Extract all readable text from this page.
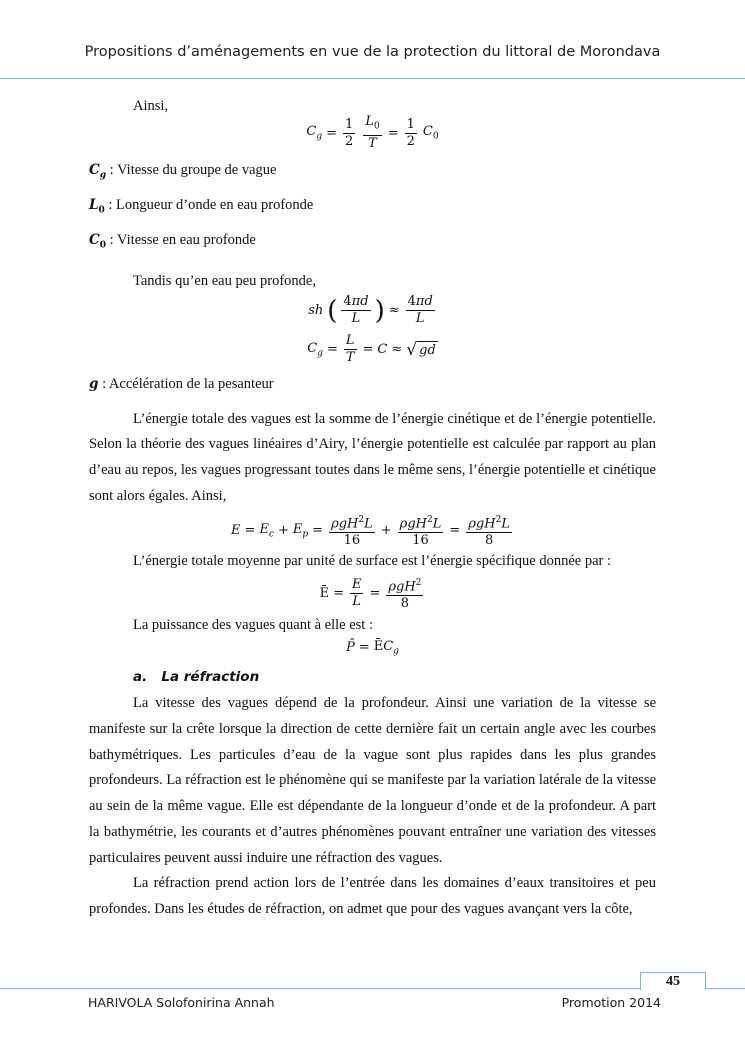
Propositions d’aménagements en vue de la protection du littoral de Morondava

Ainsi,

$C_g = \frac{1}{2} \frac{L_0}{T} = \frac{1}{2} C_0$

$C_g$ : Vitesse du groupe de vague

$L_0$ : Longueur d’onde en eau profonde

$C_0$ : Vitesse en eau profonde

Tandis qu’en eau peu profonde,

sh ( $\frac{4\pi d}{L}$ ) ≈ $\frac{4\pi d}{L}$
$C_g = \frac{L}{T} = C$ ≈ √ gd

g : Accélération de la pesanteur

L’énergie totale des vagues est la somme de l’énergie cinétique et de l’énergie potentielle. Selon la théorie des vagues linéaires d’Airy, l’énergie potentielle est calculée par rapport au plan d’eau au repos, les vagues progressant toutes dans le même sens, l’énergie potentielle et cinétique sont alors égales. Ainsi,

$E = E_c + E_p = \frac{\rho gH^2L}{16} + \frac{\rho gH^2L}{16} = \frac{\rho gH^2L}{8}$

L’énergie totale moyenne par unité de surface est l’énergie spécifique donnée par :

Ē = $\frac{E}{L} = \frac{\rho gH^2}{8}$

La puissance des vagues quant à elle est :

P̄ = $ĒC_g$
a.   La réfraction

La vitesse des vagues dépend de la profondeur. Ainsi une variation de la vitesse se manifeste sur la crête lorsque la direction de cette dernière fait un certain angle avec les courbes bathymétriques. Les particules d’eau de la vague sont plus rapides dans les plus grandes profondeurs. La réfraction est le phénomène qui se manifeste par la variation latérale de la vitesse au sein de la même vague. Elle est dépendante de la longueur d’onde et de la profondeur. A part la bathymétrie, les courants et d’autres phénomènes pouvant entraîner une variation des vitesses particulaires peuvent aussi induire une réfraction des vagues.

La réfraction prend action lors de l’entrée dans les domaines d’eaux transitoires et peu profondes. Dans les études de réfraction, on admet que pour des vagues avançant vers la côte,

45
HARIVOLA Solofonirina Annah	Promotion 2014
